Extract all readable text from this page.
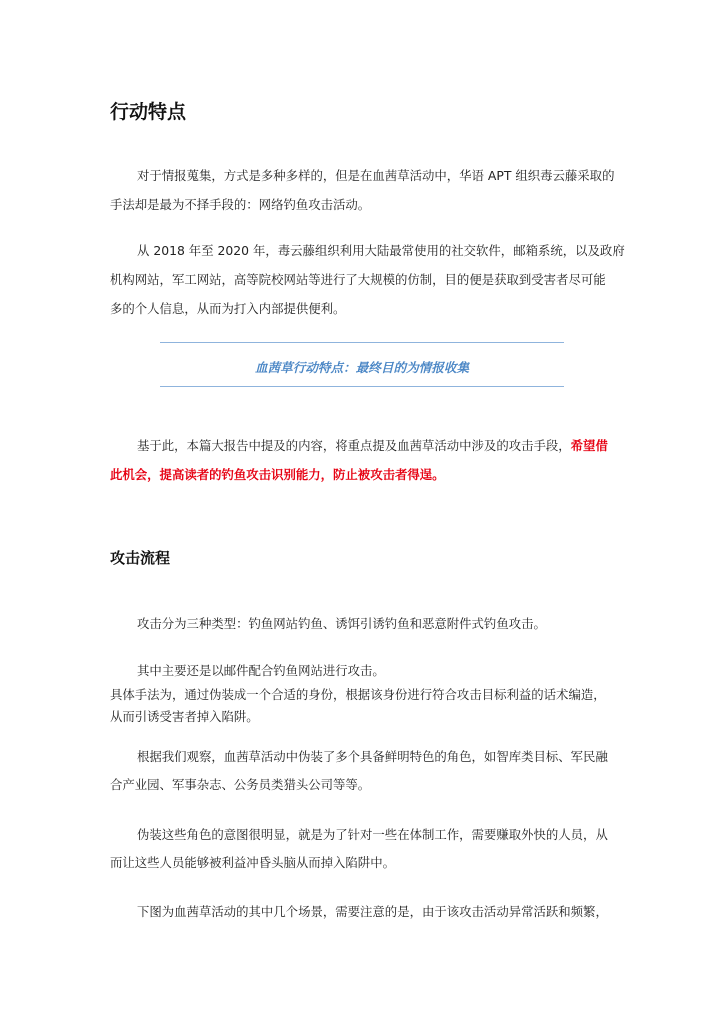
行动特点
对于情报蒐集，方式是多种多样的，但是在血茜草活动中，华语 APT 组织毒云藤采取的
手法却是最为不择手段的：网络钓鱼攻击活动。
从 2018 年至 2020 年，毒云藤组织利用大陆最常使用的社交软件，邮箱系统，以及政府
机构网站，军工网站，高等院校网站等进行了大规模的仿制，目的便是获取到受害者尽可能
多的个人信息，从而为打入内部提供便利。
血茜草行动特点：最终目的为情报收集
基于此，本篇大报告中提及的内容，将重点提及血茜草活动中涉及的攻击手段，希望借
此机会，提高读者的钓鱼攻击识别能力，防止被攻击者得逞。
攻击流程
攻击分为三种类型：钓鱼网站钓鱼、诱饵引诱钓鱼和恶意附件式钓鱼攻击。
其中主要还是以邮件配合钓鱼网站进行攻击。
具体手法为，通过伪装成一个合适的身份，根据该身份进行符合攻击目标利益的话术编造，
从而引诱受害者掉入陷阱。
根据我们观察，血茜草活动中伪装了多个具备鲜明特色的角色，如智库类目标、军民融
合产业园、军事杂志、公务员类猎头公司等等。
伪装这些角色的意图很明显，就是为了针对一些在体制工作，需要赚取外快的人员，从
而让这些人员能够被利益冲昏头脑从而掉入陷阱中。
下图为血茜草活动的其中几个场景，需要注意的是，由于该攻击活动异常活跃和频繁，
